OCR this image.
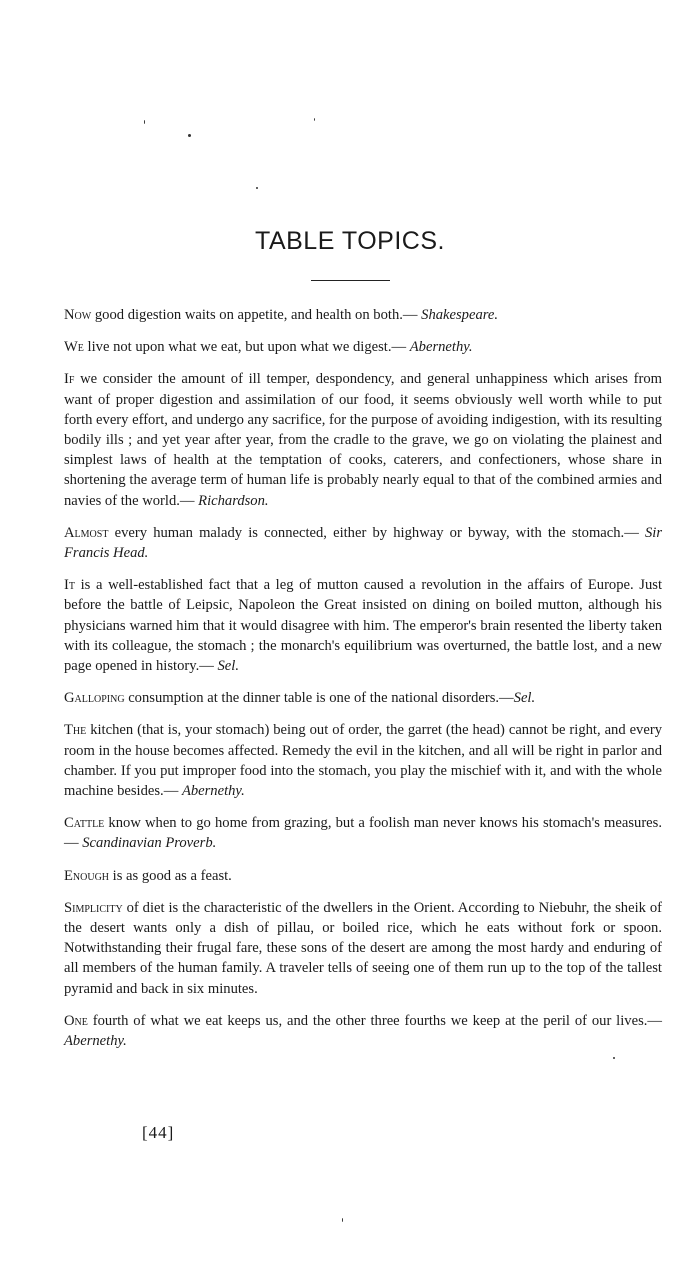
TABLE TOPICS.

Now good digestion waits on appetite, and health on both.— Shakespeare.

We live not upon what we eat, but upon what we digest.— Abernethy.

If we consider the amount of ill temper, despondency, and general unhappiness which arises from want of proper digestion and assimilation of our food, it seems obviously well worth while to put forth every effort, and undergo any sacrifice, for the purpose of avoiding indigestion, with its resulting bodily ills ; and yet year after year, from the cradle to the grave, we go on violating the plainest and simplest laws of health at the temptation of cooks, caterers, and confectioners, whose share in shortening the average term of human life is probably nearly equal to that of the combined armies and navies of the world.— Richardson.

Almost every human malady is connected, either by highway or byway, with the stomach.— Sir Francis Head.

It is a well-established fact that a leg of mutton caused a revolution in the affairs of Europe. Just before the battle of Leipsic, Napoleon the Great insisted on dining on boiled mutton, although his physicians warned him that it would disagree with him. The emperor's brain resented the liberty taken with its colleague, the stomach ; the monarch's equilibrium was overturned, the battle lost, and a new page opened in history.— Sel.

Galloping consumption at the dinner table is one of the national disorders.—Sel.

The kitchen (that is, your stomach) being out of order, the garret (the head) cannot be right, and every room in the house becomes affected. Remedy the evil in the kitchen, and all will be right in parlor and chamber. If you put improper food into the stomach, you play the mischief with it, and with the whole machine besides.— Abernethy.

Cattle know when to go home from grazing, but a foolish man never knows his stomach's measures.— Scandinavian Proverb.

Enough is as good as a feast.

Simplicity of diet is the characteristic of the dwellers in the Orient. According to Niebuhr, the sheik of the desert wants only a dish of pillau, or boiled rice, which he eats without fork or spoon. Notwithstanding their frugal fare, these sons of the desert are among the most hardy and enduring of all members of the human family. A traveler tells of seeing one of them run up to the top of the tallest pyramid and back in six minutes.

One fourth of what we eat keeps us, and the other three fourths we keep at the peril of our lives.—Abernethy.

[44]
